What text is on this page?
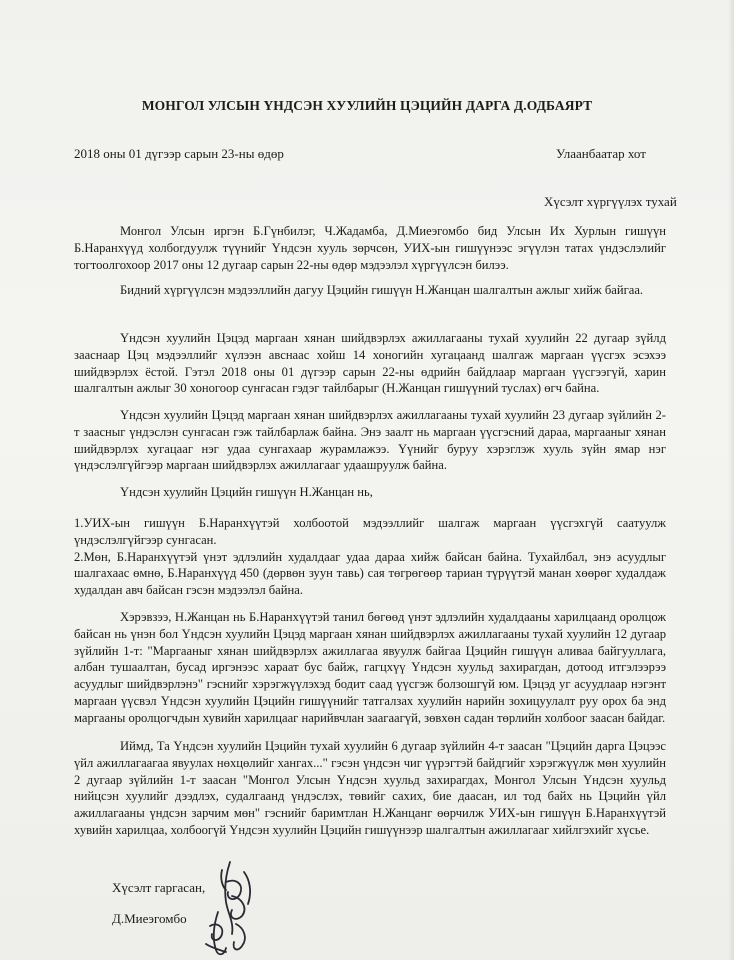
МОНГОЛ УЛСЫН ҮНДСЭН ХУУЛИЙН ЦЭЦИЙН ДАРГА Д.ОДБАЯРТ
2018 оны 01 дүгээр сарын 23-ны өдөр	Улаанбаатар хот
Хүсэлт хүргүүлэх тухай

Монгол Улсын иргэн Б.Гүнбилэг, Ч.Жадамба, Д.Миеэгомбо бид Улсын Их Хурлын гишүүн Б.Наранхүүд холбогдуулж түүнийг Үндсэн хууль зөрчсөн, УИХ-ын гишүүнээс эгүүлэн татах үндэслэлийг тогтоолгохоор 2017 оны 12 дугаар сарын 22-ны өдөр мэдээлэл хүргүүлсэн билээ.

Бидний хүргүүлсэн мэдээллийн дагуу Цэцийн гишүүн Н.Жанцан шалгалтын ажлыг хийж байгаа.

Үндсэн хуулийн Цэцэд маргаан хянан шийдвэрлэх ажиллагааны тухай хуулийн 22 дугаар зүйлд зааснаар Цэц мэдээллийг хүлээн авснаас хойш 14 хоногийн хугацаанд шалгаж маргаан үүсгэх эсэхээ шийдвэрлэх ёстой. Гэтэл 2018 оны 01 дүгээр сарын 22-ны өдрийн байдлаар маргаан үүсгээгүй, харин шалгалтын ажлыг 30 хоногоор сунгасан гэдэг тайлбарыг (Н.Жанцан гишүүний туслах) өгч байна.

Үндсэн хуулийн Цэцэд маргаан хянан шийдвэрлэх ажиллагааны тухай хуулийн 23 дугаар зүйлийн 2-т заасныг үндэслэн сунгасан гэж тайлбарлаж байна. Энэ заалт нь маргаан үүсгэсний дараа, маргааныг хянан шийдвэрлэх хугацааг нэг удаа сунгахаар журамлажээ. Үүнийг буруу хэрэглэж хууль зүйн ямар нэг үндэслэлгүйгээр маргаан шийдвэрлэх ажиллагааг удаашруулж байна.

Үндсэн хуулийн Цэцийн гишүүн Н.Жанцан нь,

1.УИХ-ын гишүүн Б.Наранхүүтэй холбоотой мэдээллийг шалгаж маргаан үүсгэхгүй саатуулж үндэслэлгүйгээр сунгасан.

2.Мөн, Б.Наранхүүтэй үнэт эдлэлийн худалдааг удаа дараа хийж байсан байна. Тухайлбал, энэ асуудлыг шалгахаас өмнө, Б.Наранхүүд 450 (дөрвөн зуун тавь) сая төгрөгөөр тариан түрүүтэй манан хөөрөг худалдаж худалдан авч байсан гэсэн мэдээлэл байна.

Хэрэвзээ, Н.Жанцан нь Б.Наранхүүтэй танил бөгөөд үнэт эдлэлийн худалдааны харилцаанд оролцож байсан нь үнэн бол Үндсэн хуулийн Цэцэд маргаан хянан шийдвэрлэх ажиллагааны тухай хуулийн 12 дугаар зүйлийн 1-т: "Маргааныг хянан шийдвэрлэх ажиллагаа явуулж байгаа Цэцийн гишүүн аливаа байгууллага, албан тушаалтан, бусад иргэнээс хараат бус байж, гагцхүү Үндсэн хуульд захирагдан, дотоод итгэлээрээ асуудлыг шийдвэрлэнэ" гэснийг хэрэгжүүлэхэд бодит саад үүсгэж болзошгүй юм. Цэцэд уг асуудлаар нэгэнт маргаан үүсвэл Үндсэн хуулийн Цэцийн гишүүнийг татгалзах хуулийн нарийн зохицуулалт руу орох ба энд маргааны оролцогчдын хувийн харилцааг нарийвчлан заагаагүй, зөвхөн садан төрлийн холбоог заасан байдаг.

Иймд, Та Үндсэн хуулийн Цэцийн тухай хуулийн 6 дугаар зүйлийн 4-т заасан "Цэцийн дарга Цэцээс үйл ажиллагаагаа явуулах нөхцөлийг хангах..." гэсэн үндсэн чиг үүрэгтэй байдгийг хэрэгжүүлж мөн хуулийн 2 дугаар зүйлийн 1-т заасан "Монгол Улсын Үндсэн хуульд захирагдах, Монгол Улсын Үндсэн хуульд нийцсэн хуулийг дээдлэх, судалгаанд үндэслэх, төвийг сахих, бие даасан, ил тод байх нь Цэцийн үйл ажиллагааны үндсэн зарчим мөн" гэснийг баримтлан Н.Жанцанг өөрчилж УИХ-ын гишүүн Б.Наранхүүтэй хувийн харилцаа, холбоогүй Үндсэн хуулийн Цэцийн гишүүнээр шалгалтын ажиллагааг хийлгэхийг хүсье.

Хүсэлт гаргасан,
Д.Миеэгомбо
